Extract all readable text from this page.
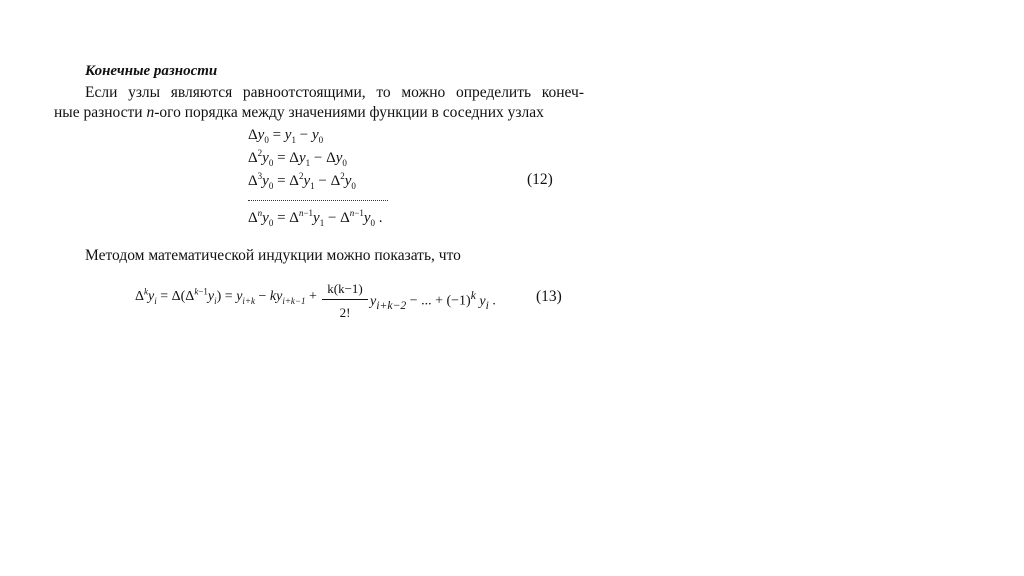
Конечные разности
Если узлы являются равноотстоящими, то можно определить конеч-
ные разности n-ого порядка между значениями функции в соседних узлах
$\Delta y_0 = y_1 - y_0$
$\Delta^2y_0 = \Delta y_1 - \Delta y_0$
$\Delta^3y_0 = \Delta^2y_1 - \Delta^2y_0$
$\Delta^ny_0 = \Delta^{n-1}y_1 - \Delta^{n-1}y_0$ .
(12)
Методом математической индукции можно показать, что
$\Delta^ky_i = \Delta(\Delta^{k-1}y_i) = y_{i+k} - ky_{i+k-1} + \frac{k(k-1)}{2!} y_{i+k-2}$ − ... + $(-1)^k$ $y_i$ .	(13)
